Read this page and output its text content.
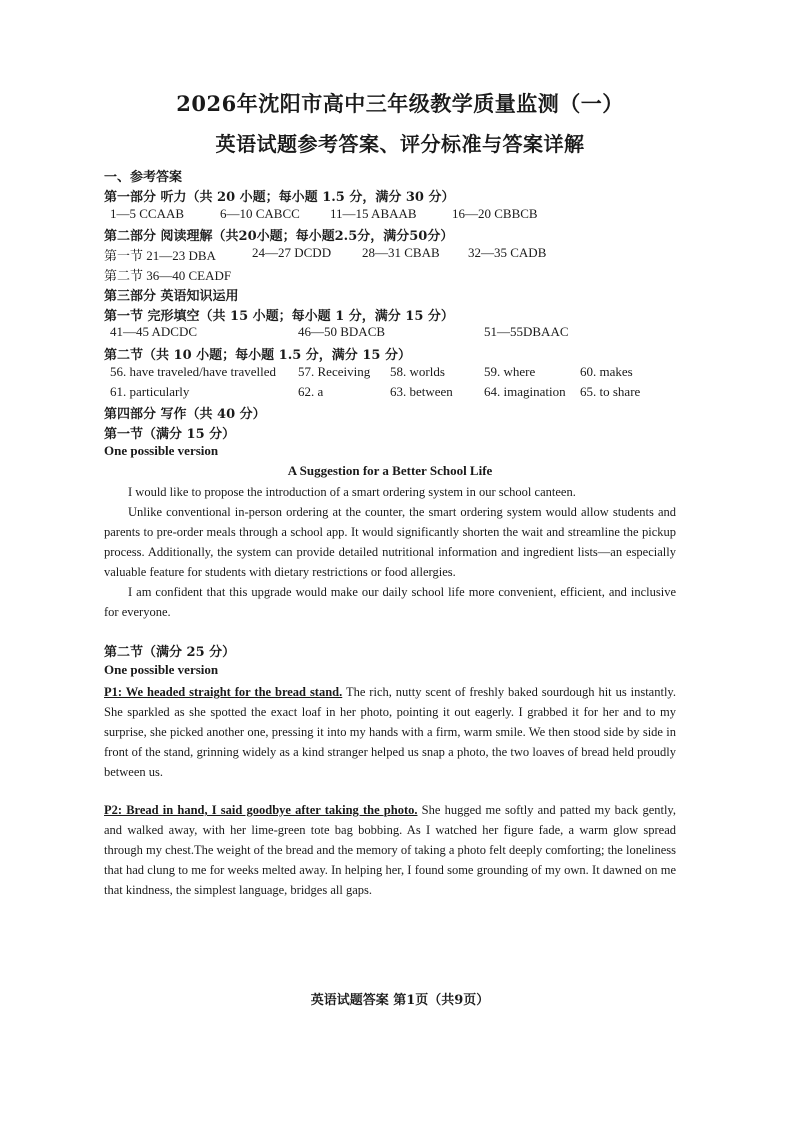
2026年沈阳市高中三年级教学质量监测（一）
英语试题参考答案、评分标准与答案详解
一、参考答案
第一部分 听力（共 20 小题；每小题 1.5 分，满分 30 分）
1—5 CCAAB	6—10 CABCC 11—15 ABAAB	16—20 CBBCB
第二部分 阅读理解（共20小题；每小题2.5分，满分50分）
第一节 21—23 DBA	24—27 DCDD 28—31 CBAB 32—35 CADB
第二节 36—40 CEADF
第三部分 英语知识运用
第一节 完形填空（共 15 小题；每小题 1 分，满分 15 分）
41—45 ADCDC	46—50 BDACB	51—55DBAAC
第二节（共 10 小题；每小题 1.5 分，满分 15 分）
56. have traveled/have travelled 57. Receiving 58. worlds	59. where	60. makes
61. particularly	62. a	63. between 64. imagination 65. to share
第四部分 写作（共 40 分）
第一节（满分 15 分）
One possible version
A Suggestion for a Better School Life
I would like to propose the introduction of a smart ordering system in our school canteen.
Unlike conventional in-person ordering at the counter, the smart ordering system would allow students and parents to pre-order meals through a school app. It would significantly shorten the wait and streamline the pickup process. Additionally, the system can provide detailed nutritional information and ingredient lists—an especially valuable feature for students with dietary restrictions or food allergies.
I am confident that this upgrade would make our daily school life more convenient, efficient, and inclusive for everyone.
第二节（满分 25 分）
One possible version
P1: We headed straight for the bread stand. The rich, nutty scent of freshly baked sourdough hit us instantly. She sparkled as she spotted the exact loaf in her photo, pointing it out eagerly. I grabbed it for her and to my surprise, she picked another one, pressing it into my hands with a firm, warm smile. We then stood side by side in front of the stand, grinning widely as a kind stranger helped us snap a photo, the two loaves of bread held proudly between us.
P2: Bread in hand, I said goodbye after taking the photo. She hugged me softly and patted my back gently, and walked away, with her lime-green tote bag bobbing. As I watched her figure fade, a warm glow spread through my chest.The weight of the bread and the memory of taking a photo felt deeply comforting; the loneliness that had clung to me for weeks melted away. In helping her, I found some grounding of my own. It dawned on me that kindness, the simplest language, bridges all gaps.
英语试题答案 第1页（共9页）
